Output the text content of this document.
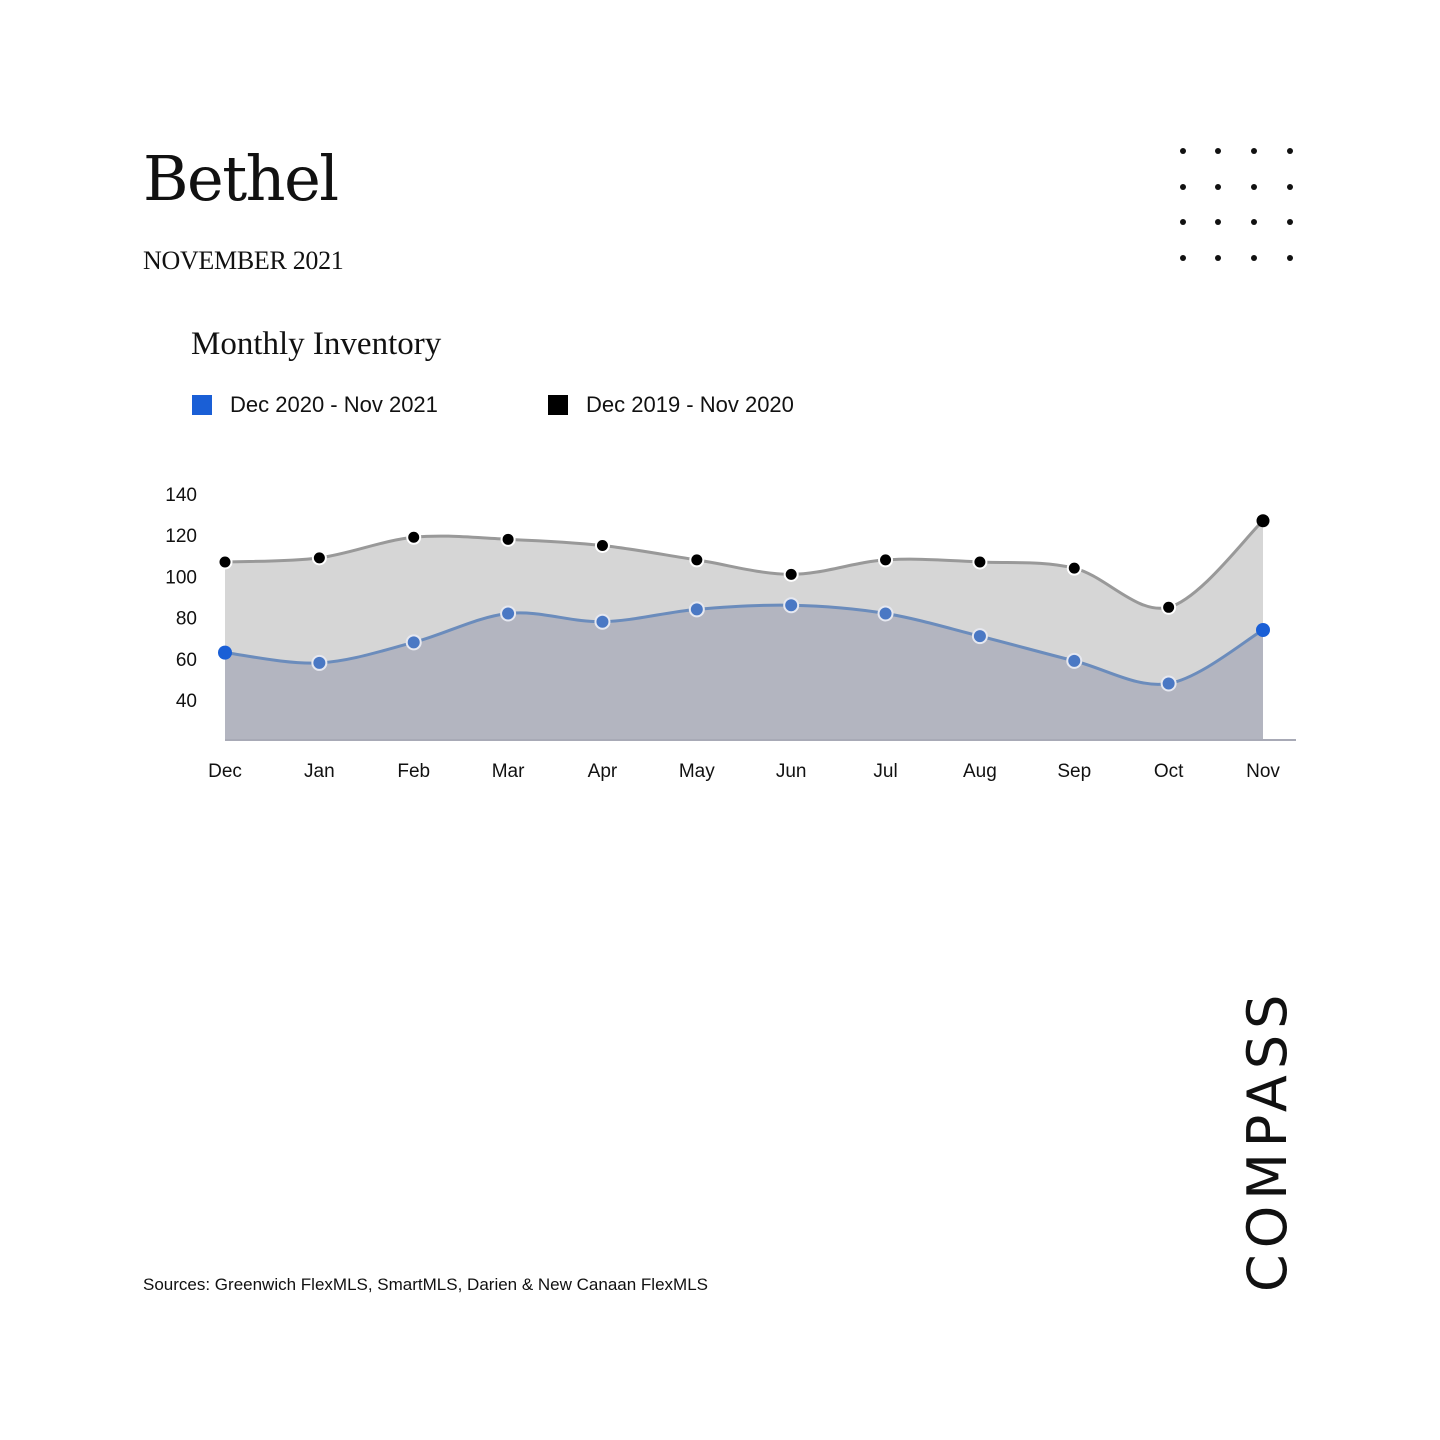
Bethel
NOVEMBER 2021
Monthly Inventory
Dec 2020 - Nov 2021	Dec 2019 - Nov 2020
40
60
80
100
120
140
Dec	Jan	Feb	Mar	Apr	May	Jun	Jul	Aug	Sep	Oct	Nov
Sources: Greenwich FlexMLS, SmartMLS, Darien & New Canaan FlexMLS	COMPASS
